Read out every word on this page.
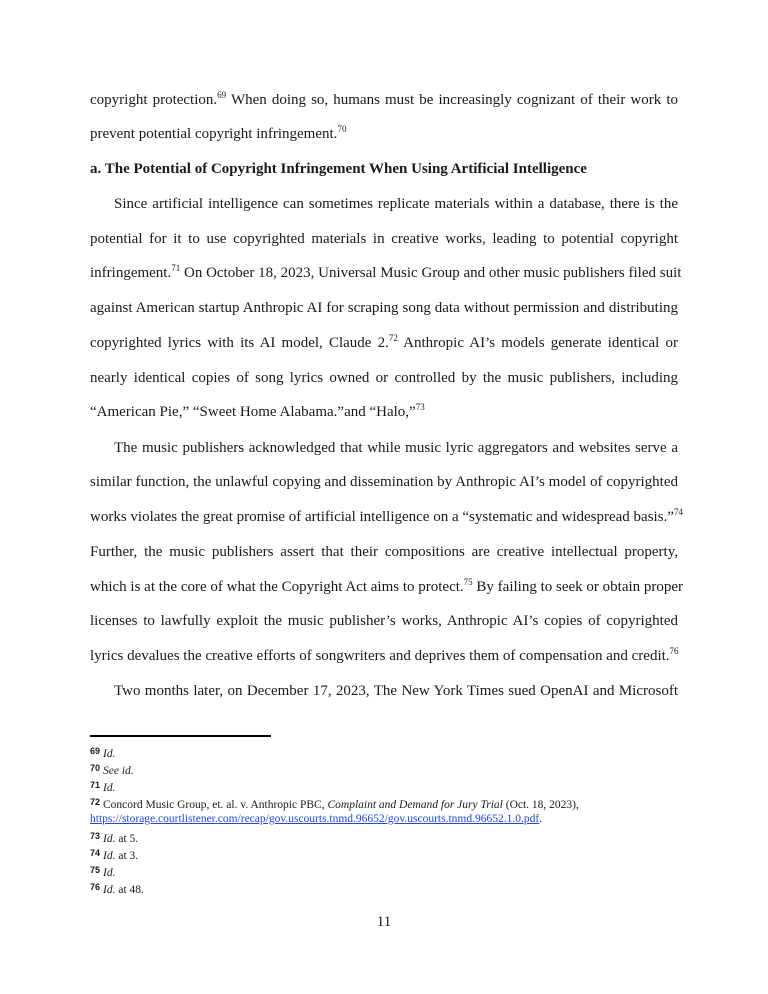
copyright protection.$^{69}$ When doing so, humans must be increasingly cognizant of their work to
prevent potential copyright infringement.$^{70}$
a. The Potential of Copyright Infringement When Using Artificial Intelligence
Since artificial intelligence can sometimes replicate materials within a database, there is the
potential for it to use copyrighted materials in creative works, leading to potential copyright
infringement.$^{71}$ On October 18, 2023, Universal Music Group and other music publishers filed suit
against American startup Anthropic AI for scraping song data without permission and distributing
copyrighted lyrics with its AI model, Claude 2.72 Anthropic AI’s models generate identical or
nearly identical copies of song lyrics owned or controlled by the music publishers, including
“American Pie,” “Sweet Home Alabama.”and “Halo,”$^{73}$
The music publishers acknowledged that while music lyric aggregators and websites serve a
similar function, the unlawful copying and dissemination by Anthropic AI’s model of copyrighted
works violates the great promise of artificial intelligence on a “systematic and widespread basis.”$^{74}$
Further, the music publishers assert that their compositions are creative intellectual property,
which is at the core of what the Copyright Act aims to protect.$^{75}$ By failing to seek or obtain proper
licenses to lawfully exploit the music publisher’s works, Anthropic AI’s copies of copyrighted
lyrics devalues the creative efforts of songwriters and deprives them of compensation and credit.$^{76}$
Two months later, on December 17, 2023, The New York Times sued OpenAI and Microsoft
$^{69}$ Id.
$^{70}$ See id.
$^{71}$ Id.
$^{72}$ Concord Music Group, et. al. v. Anthropic PBC, Complaint and Demand for Jury Trial (Oct. 18, 2023),
https://storage.courtlistener.com/recap/gov.uscourts.tnmd.96652/gov.uscourts.tnmd.96652.1.0.pdf.
$^{73}$ Id. at 5.
$^{74}$ Id. at 3.
$^{75}$ Id.
$^{76}$ Id. at 48.
11
